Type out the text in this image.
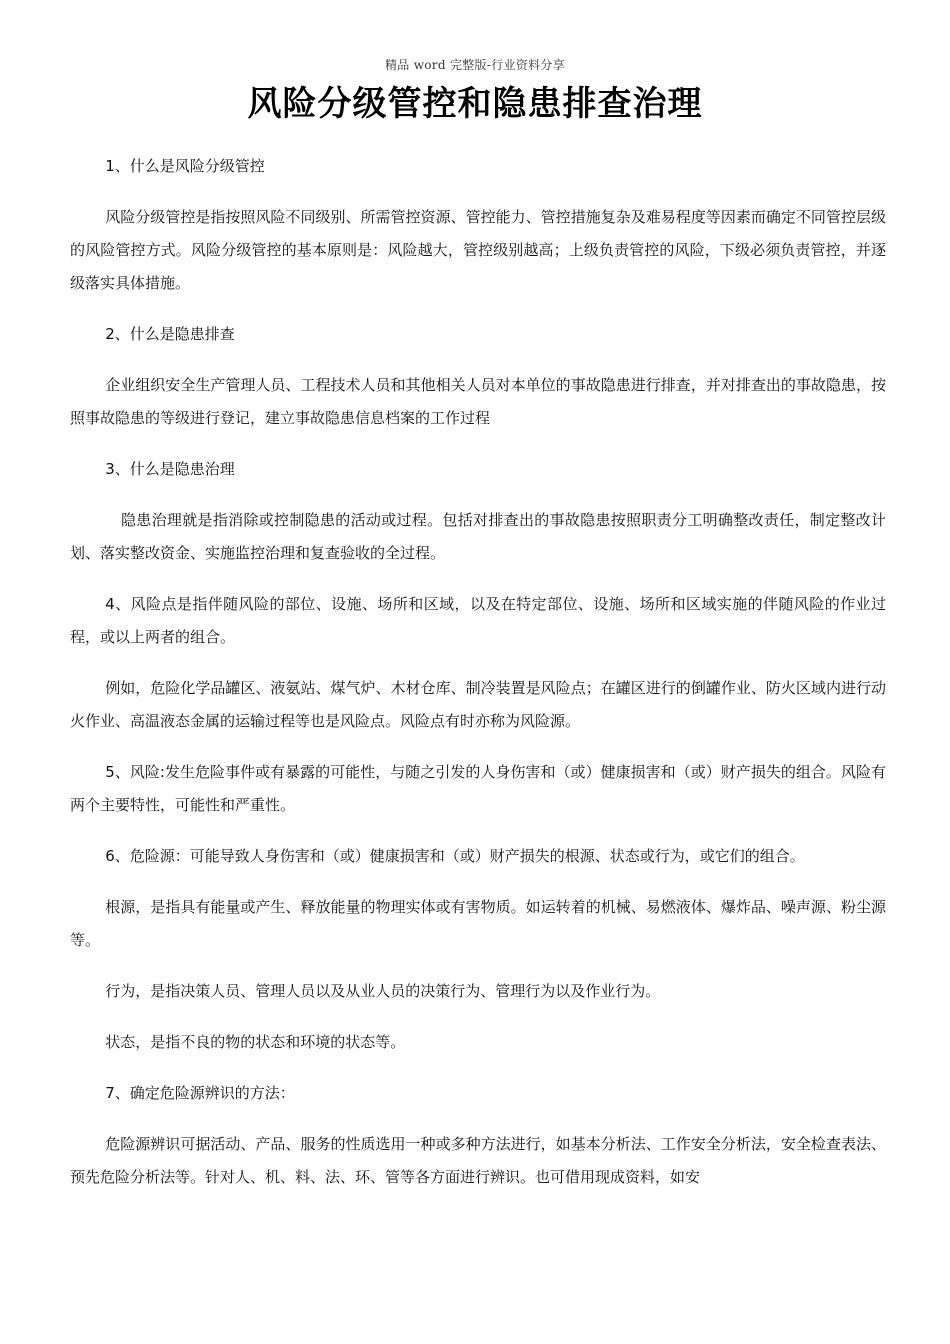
精品 word 完整版-行业资料分享
风险分级管控和隐患排查治理

1、什么是风险分级管控

风险分级管控是指按照风险不同级别、所需管控资源、管控能力、管控措施复杂及难易程度等因素而确定不同管控层级的风险管控方式。风险分级管控的基本原则是：风险越大，管控级别越高；上级负责管控的风险，下级必须负责管控，并逐级落实具体措施。

2、什么是隐患排查

企业组织安全生产管理人员、工程技术人员和其他相关人员对本单位的事故隐患进行排查，并对排查出的事故隐患，按照事故隐患的等级进行登记，建立事故隐患信息档案的工作过程

3、什么是隐患治理

隐患治理就是指消除或控制隐患的活动或过程。包括对排查出的事故隐患按照职责分工明确整改责任，制定整改计划、落实整改资金、实施监控治理和复查验收的全过程。

4、风险点是指伴随风险的部位、设施、场所和区域，以及在特定部位、设施、场所和区域实施的伴随风险的作业过程，或以上两者的组合。

例如，危险化学品罐区、液氨站、煤气炉、木材仓库、制冷装置是风险点；在罐区进行的倒罐作业、防火区域内进行动火作业、高温液态金属的运输过程等也是风险点。风险点有时亦称为风险源。

5、风险:发生危险事件或有暴露的可能性，与随之引发的人身伤害和（或）健康损害和（或）财产损失的组合。风险有两个主要特性，可能性和严重性。

6、危险源：可能导致人身伤害和（或）健康损害和（或）财产损失的根源、状态或行为，或它们的组合。

根源，是指具有能量或产生、释放能量的物理实体或有害物质。如运转着的机械、易燃液体、爆炸品、噪声源、粉尘源等。

行为，是指决策人员、管理人员以及从业人员的决策行为、管理行为以及作业行为。

状态，是指不良的物的状态和环境的状态等。

7、确定危险源辨识的方法：

危险源辨识可据活动、产品、服务的性质选用一种或多种方法进行，如基本分析法、工作安全分析法，安全检查表法、预先危险分析法等。针对人、机、料、法、环、管等各方面进行辨识。也可借用现成资料，如安
